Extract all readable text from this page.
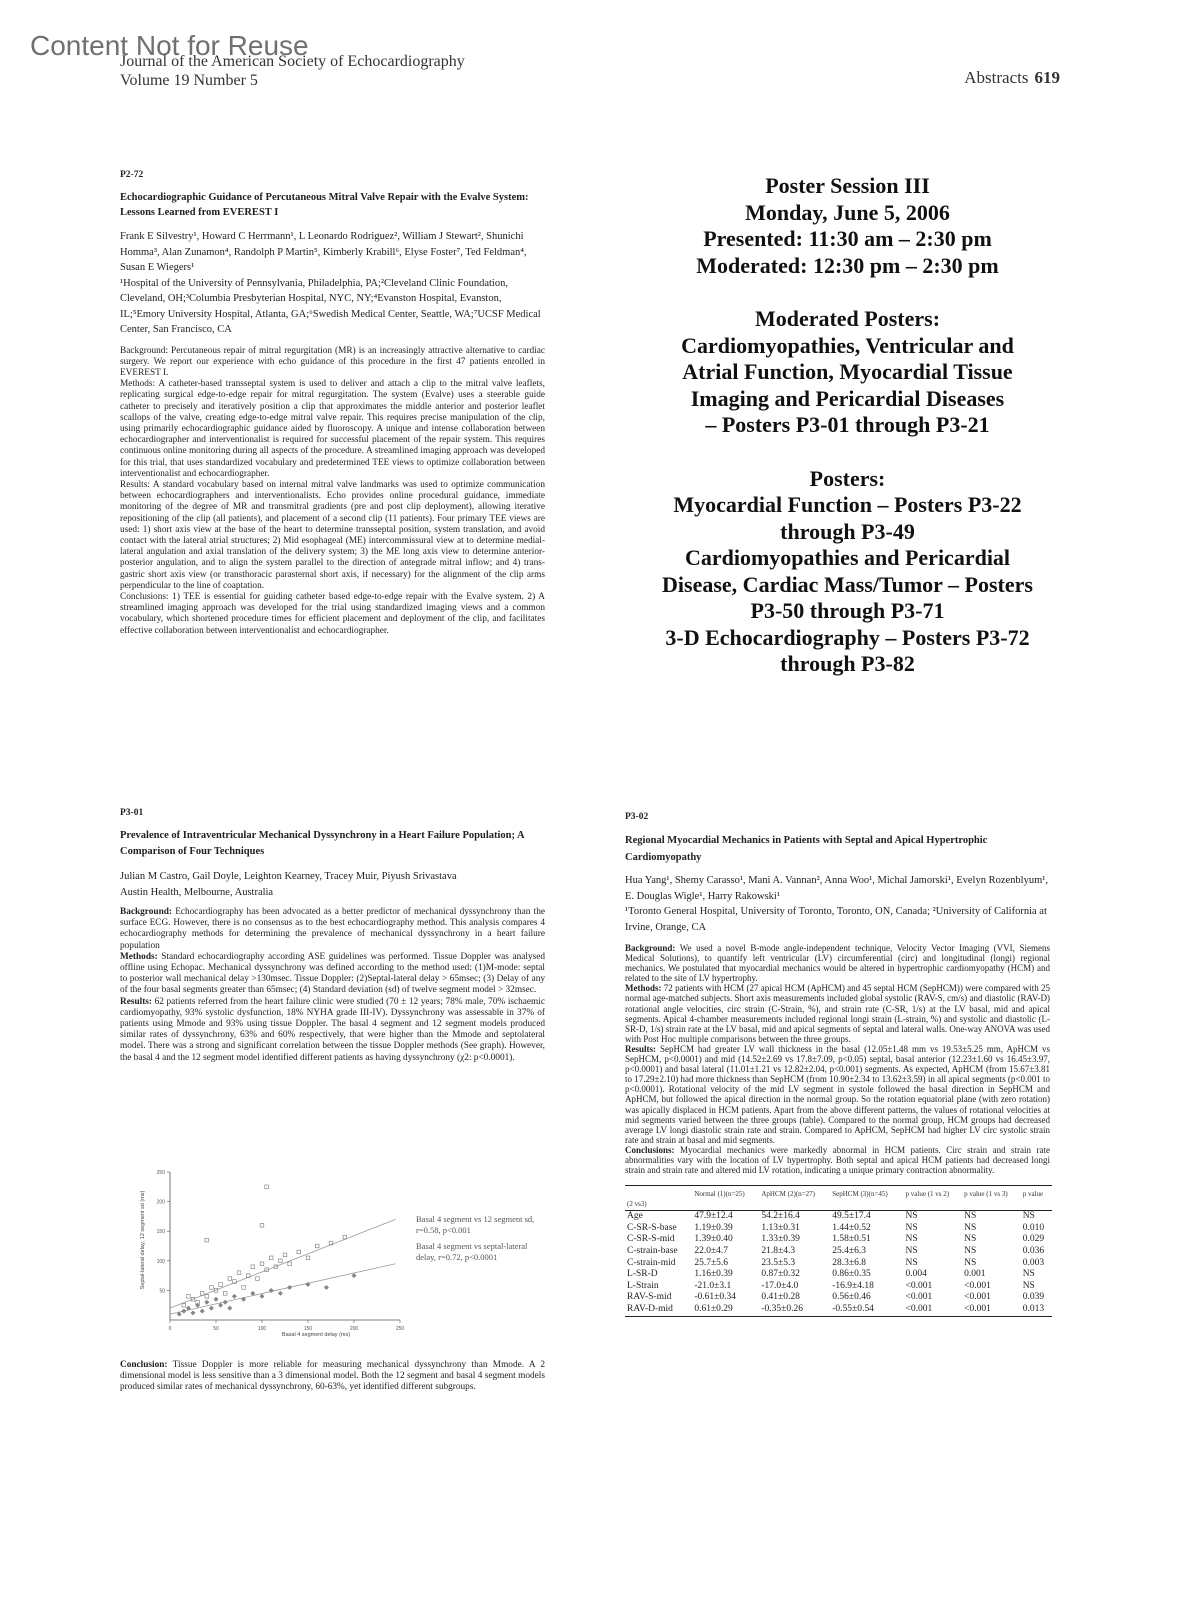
Content Not for Reuse
Journal of the American Society of Echocardiography
Volume 19 Number 5	Abstracts 619
P2-72
Echocardiographic Guidance of Percutaneous Mitral Valve Repair with the Evalve System: Lessons Learned from EVEREST I
Frank E Silvestry¹, Howard C Herrmann¹, L Leonardo Rodriguez², William J Stewart², Shunichi Homma³, Alan Zunamon⁴, Randolph P Martin⁵, Kimberly Krabill⁶, Elyse Foster⁷, Ted Feldman⁴, Susan E Wiegers¹
¹Hospital of the University of Pennsylvania, Philadelphia, PA;²Cleveland Clinic Foundation, Cleveland, OH;³Columbia Presbyterian Hospital, NYC, NY;⁴Evanston Hospital, Evanston, IL;⁵Emory University Hospital, Atlanta, GA;⁶Swedish Medical Center, Seattle, WA;⁷UCSF Medical Center, San Francisco, CA

Background: Percutaneous repair of mitral regurgitation (MR) is an increasingly attractive alternative to cardiac surgery. We report our experience with echo guidance of this procedure in the first 47 patients enrolled in EVEREST I.

Methods: A catheter-based transseptal system is used to deliver and attach a clip to the mitral valve leaflets, replicating surgical edge-to-edge repair for mitral regurgitation. The system (Evalve) uses a steerable guide catheter to precisely and iteratively position a clip that approximates the middle anterior and posterior leaflet scallops of the valve, creating edge-to-edge mitral valve repair. This requires precise manipulation of the clip, using primarily echocardiographic guidance aided by fluoroscopy. A unique and intense collaboration between echocardiographer and interventionalist is required for successful placement of the repair system. This requires continuous online monitoring during all aspects of the procedure. A streamlined imaging approach was developed for this trial, that uses standardized vocabulary and predetermined TEE views to optimize collaboration between interventionalist and echocardiographer.

Results: A standard vocabulary based on internal mitral valve landmarks was used to optimize communication between echocardiographers and interventionalists. Echo provides online procedural guidance, immediate monitoring of the degree of MR and transmitral gradients (pre and post clip deployment), allowing iterative repositioning of the clip (all patients), and placement of a second clip (11 patients). Four primary TEE views are used: 1) short axis view at the base of the heart to determine transseptal position, system translation, and avoid contact with the lateral atrial structures; 2) Mid esophageal (ME) intercommissural view at to determine medial-lateral angulation and axial translation of the delivery system; 3) the ME long axis view to determine anterior-posterior angulation, and to align the system parallel to the direction of antegrade mitral inflow; and 4) trans-gastric short axis view (or transthoracic parasternal short axis, if necessary) for the alignment of the clip arms perpendicular to the line of coaptation.

Conclusions: 1) TEE is essential for guiding catheter based edge-to-edge repair with the Evalve system. 2) A streamlined imaging approach was developed for the trial using standardized imaging views and a common vocabulary, which shortened procedure times for efficient placement and deployment of the clip, and facilitates effective collaboration between interventionalist and echocardiographer.

Poster Session III

Monday, June 5, 2006

Presented: 11:30 am – 2:30 pm

Moderated: 12:30 pm – 2:30 pm

Moderated Posters:

Cardiomyopathies, Ventricular and

Atrial Function, Myocardial Tissue

Imaging and Pericardial Diseases

– Posters P3-01 through P3-21

Posters:

Myocardial Function – Posters P3-22

through P3-49

Cardiomyopathies and Pericardial

Disease, Cardiac Mass/Tumor – Posters

P3-50 through P3-71

3-D Echocardiography – Posters P3-72

through P3-82

P3-01
Prevalence of Intraventricular Mechanical Dyssynchrony in a Heart Failure Population; A Comparison of Four Techniques
Julian M Castro, Gail Doyle, Leighton Kearney, Tracey Muir, Piyush Srivastava
Austin Health, Melbourne, Australia

Background: Echocardiography has been advocated as a better predictor of mechanical dyssynchrony than the surface ECG. However, there is no consensus as to the best echocardiography method. This analysis compares 4 echocardiography methods for determining the prevalence of mechanical dyssynchrony in a heart failure population

Methods: Standard echocardiography according ASE guidelines was performed. Tissue Doppler was analysed offline using Echopac. Mechanical dyssynchrony was defined according to the method used: (1)M-mode: septal to posterior wall mechanical delay >130msec. Tissue Doppler: (2)Septal-lateral delay > 65msec; (3) Delay of any of the four basal segments greater than 65msec; (4) Standard deviation (sd) of twelve segment model > 32msec.

Results: 62 patients referred from the heart failure clinic were studied (70 ± 12 years; 78% male, 70% ischaemic cardiomyopathy, 93% systolic dysfunction, 18% NYHA grade III-IV). Dyssynchrony was assessable in 37% of patients using Mmode and 93% using tissue Doppler. The basal 4 segment and 12 segment models produced similar rates of dyssynchrony, 63% and 60% respectively, that were higher than the Mmode and septolateral model. There was a strong and significant correlation between the tissue Doppler methods (See graph). However, the basal 4 and the 12 segment model identified different patients as having dyssynchrony (χ2: p<0.0001).

0	50	100	150	200	250
50
100
150
200
250
Basal 4 segment delay (ms)
Septal-lateral delay; 12 segment sd (ms)	Basal 4 segment vs 12 segment sd, r=0.58, p<0.001
Basal 4 segment vs septal-lateral delay, r=0.72, p<0.0001

Conclusion: Tissue Doppler is more reliable for measuring mechanical dyssynchrony than Mmode. A 2 dimensional model is less sensitive than a 3 dimensional model. Both the 12 segment and basal 4 segment models produced similar rates of mechanical dyssynchrony, 60-63%, yet identified different subgroups.

P3-02
Regional Myocardial Mechanics in Patients with Septal and Apical Hypertrophic Cardiomyopathy
Hua Yang¹, Shemy Carasso¹, Mani A. Vannan², Anna Woo¹, Michal Jamorski¹, Evelyn Rozenblyum¹, E. Douglas Wigle¹, Harry Rakowski¹
¹Toronto General Hospital, University of Toronto, Toronto, ON, Canada; ²University of California at Irvine, Orange, CA

Background: We used a novel B-mode angle-independent technique, Velocity Vector Imaging (VVI, Siemens Medical Solutions), to quantify left ventricular (LV) circumferential (circ) and longitudinal (longi) regional mechanics. We postulated that myocardial mechanics would be altered in hypertrophic cardiomyopathy (HCM) and related to the site of LV hypertrophy.

Methods: 72 patients with HCM (27 apical HCM (ApHCM) and 45 septal HCM (SepHCM)) were compared with 25 normal age-matched subjects. Short axis measurements included global systolic (RAV-S, cm/s) and diastolic (RAV-D) rotational angle velocities, circ strain (C-Strain, %), and strain rate (C-SR, 1/s) at the LV basal, mid and apical segments. Apical 4-chamber measurements included regional longi strain (L-strain, %) and systolic and diastolic (L-SR-D, 1/s) strain rate at the LV basal, mid and apical segments of septal and lateral walls. One-way ANOVA was used with Post Hoc multiple comparisons between the three groups.

Results: SepHCM had greater LV wall thickness in the basal (12.05±1.48 mm vs 19.53±5.25 mm, ApHCM vs SepHCM, p<0.0001) and mid (14.52±2.69 vs 17.8±7.09, p<0.05) septal, basal anterior (12.23±1.60 vs 16.45±3.97, p<0.0001) and basal lateral (11.01±1.21 vs 12.82±2.04, p<0.001) segments. As expected, ApHCM (from 15.67±3.81 to 17.29±2.10) had more thickness than SepHCM (from 10.90±2.34 to 13.62±3.59) in all apical segments (p<0.001 to p<0.0001). Rotational velocity of the mid LV segment in systole followed the basal direction in SepHCM and ApHCM, but followed the apical direction in the normal group. So the rotation equatorial plane (with zero rotation) was apically displaced in HCM patients. Apart from the above different patterns, the values of rotational velocities at mid segments varied between the three groups (table). Compared to the normal group, HCM groups had decreased average LV longi diastolic strain rate and strain. Compared to ApHCM, SepHCM had higher LV circ systolic strain rate and strain at basal and mid segments.

Conclusions: Myocardial mechanics were markedly abnormal in HCM patients. Circ strain and strain rate abnormalities vary with the location of LV hypertrophy. Both septal and apical HCM patients had decreased longi strain and strain rate and altered mid LV rotation, indicating a unique primary contraction abnormality.

	Normal (1)(n=25)	ApHCM (2)(n=27)	SepHCM (3)(n=45)	p value (1 vs 2)	p value (1 vs 3)	p value
(2 vs3)						
Age	47.9±12.4	54.2±16.4	49.5±17.4	NS	NS	NS
C-SR-S-base	1.19±0.39	1.13±0.31	1.44±0.52	NS	NS	0.010
C-SR-S-mid	1.39±0.40	1.33±0.39	1.58±0.51	NS	NS	0.029
C-strain-base	22.0±4.7	21.8±4.3	25.4±6.3	NS	NS	0.036
C-strain-mid	25.7±5.6	23.5±5.3	28.3±6.8	NS	NS	0.003
L-SR-D	1.16±0.39	0.87±0.32	0.86±0.35	0.004	0.001	NS
L-Strain	-21.0±3.1	-17.0±4.0	-16.9±4.18	<0.001	<0.001	NS
RAV-S-mid	-0.61±0.34	0.41±0.28	0.56±0.46	<0.001	<0.001	0.039
RAV-D-mid	0.61±0.29	-0.35±0.26	-0.55±0.54	<0.001	<0.001	0.013
